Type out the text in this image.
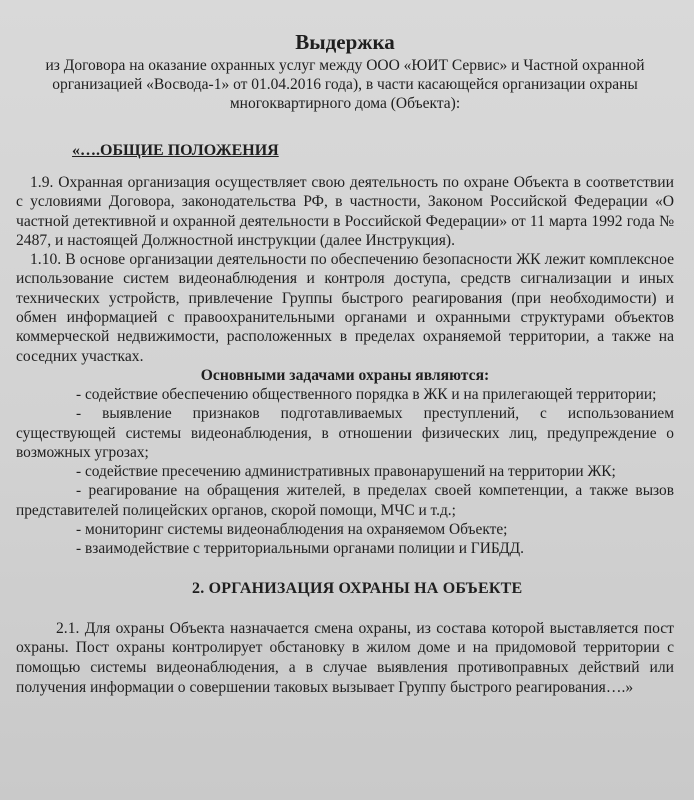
Выдержка
из Договора на оказание охранных услуг между ООО «ЮИТ Сервис» и Частной охранной организацией «Восвода-1» от 01.04.2016 года), в части касающейся организации охраны многоквартирного дома (Объекта):
«….ОБЩИЕ ПОЛОЖЕНИЯ

1.9. Охранная организация осуществляет свою деятельность по охране Объекта в соответствии с условиями Договора, законодательства РФ, в частности, Законом Российской Федерации «О частной детективной и охранной деятельности в Российской Федерации» от 11 марта 1992 года № 2487, и настоящей Должностной инструкции (далее Инструкция).

1.10. В основе организации деятельности по обеспечению безопасности ЖК лежит комплексное использование систем видеонаблюдения и контроля доступа, средств сигнализации и иных технических устройств, привлечение Группы быстрого реагирования (при необходимости) и обмен информацией с правоохранительными органами и охранными структурами объектов коммерческой недвижимости, расположенных в пределах охраняемой территории, а также на соседних участках.

Основными задачами охраны являются:

- содействие обеспечению общественного порядка в ЖК и на прилегающей территории;

- выявление признаков подготавливаемых преступлений, с использованием существующей системы видеонаблюдения, в отношении физических лиц, предупреждение о возможных угрозах;

- содействие пресечению административных правонарушений на территории ЖК;

- реагирование на обращения жителей, в пределах своей компетенции, а также вызов представителей полицейских органов, скорой помощи, МЧС и т.д.;

- мониторинг системы видеонаблюдения на охраняемом Объекте;

- взаимодействие с территориальными органами полиции и ГИБДД.

2. ОРГАНИЗАЦИЯ ОХРАНЫ НА ОБЪЕКТЕ

2.1. Для охраны Объекта назначается смена охраны, из состава которой выставляется пост охраны. Пост охраны контролирует обстановку в жилом доме и на придомовой территории с помощью системы видеонаблюдения, а в случае выявления противоправных действий или получения информации о совершении таковых вызывает Группу быстрого реагирования….»
